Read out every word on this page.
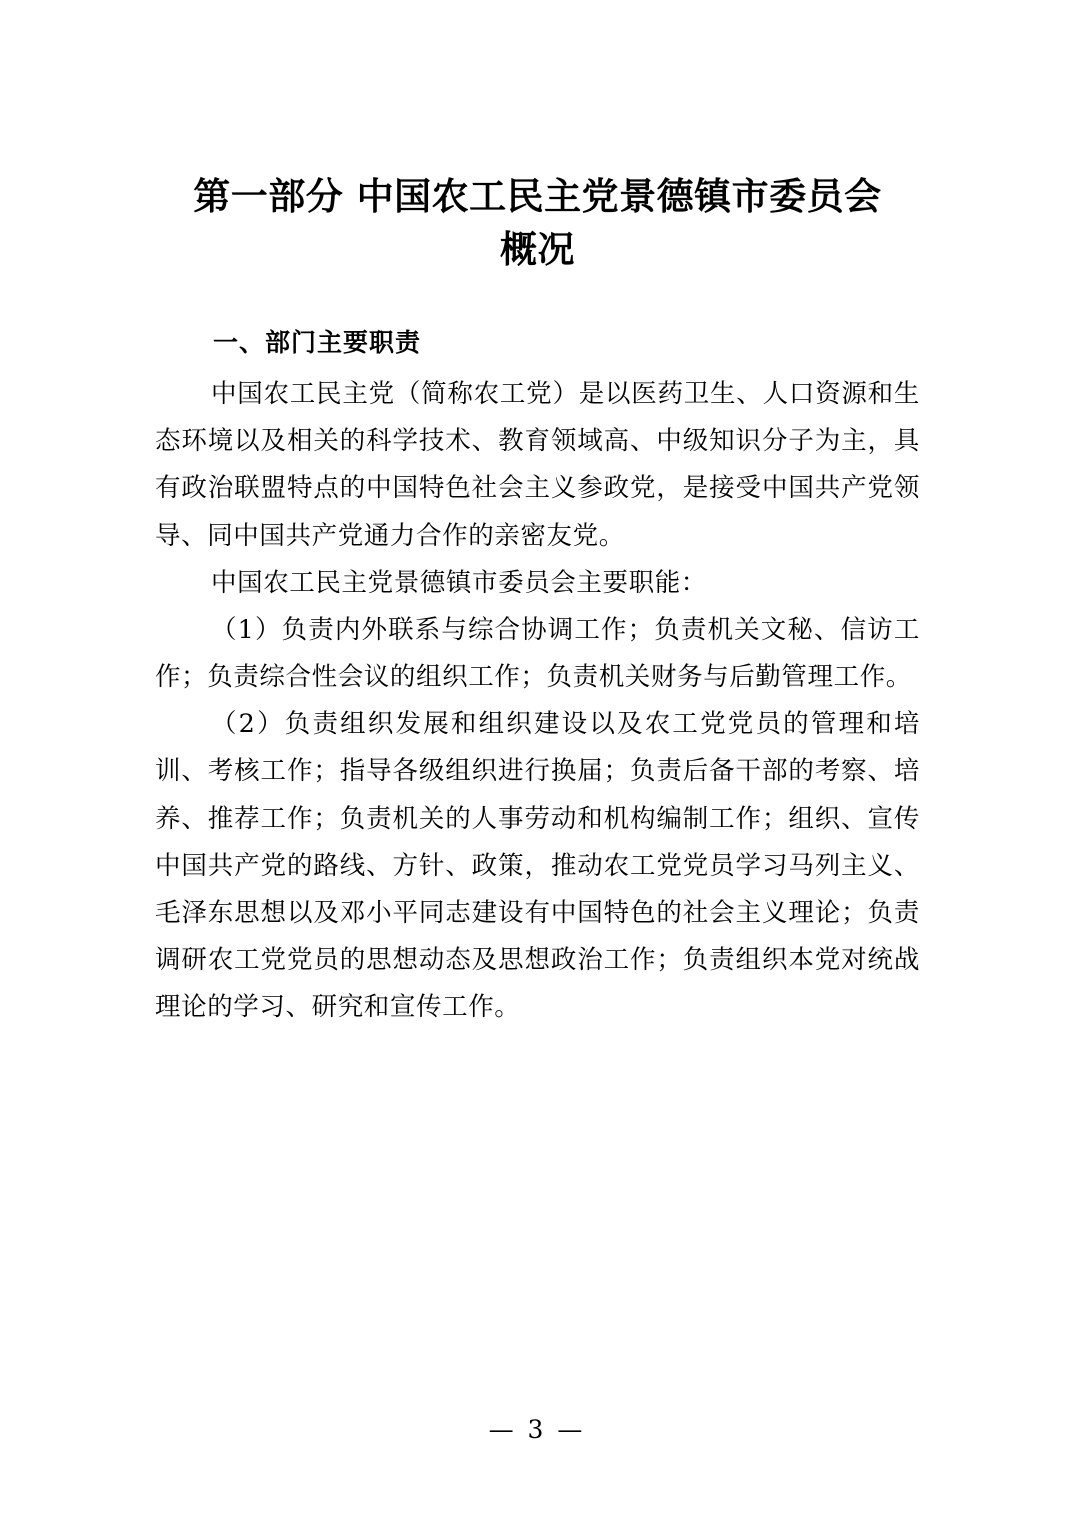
第一部分 中国农工民主党景德镇市委员会
概况
一、部门主要职责

中国农工民主党（简称农工党）是以医药卫生、人口资源和生态环境以及相关的科学技术、教育领域高、中级知识分子为主，具有政治联盟特点的中国特色社会主义参政党，是接受中国共产党领导、同中国共产党通力合作的亲密友党。

中国农工民主党景德镇市委员会主要职能：

（1）负责内外联系与综合协调工作；负责机关文秘、信访工作；负责综合性会议的组织工作；负责机关财务与后勤管理工作。

（2）负责组织发展和组织建设以及农工党党员的管理和培训、考核工作；指导各级组织进行换届；负责后备干部的考察、培养、推荐工作；负责机关的人事劳动和机构编制工作；组织、宣传中国共产党的路线、方针、政策，推动农工党党员学习马列主义、毛泽东思想以及邓小平同志建设有中国特色的社会主义理论；负责调研农工党党员的思想动态及思想政治工作；负责组织本党对统战理论的学习、研究和宣传工作。

— 3 —
